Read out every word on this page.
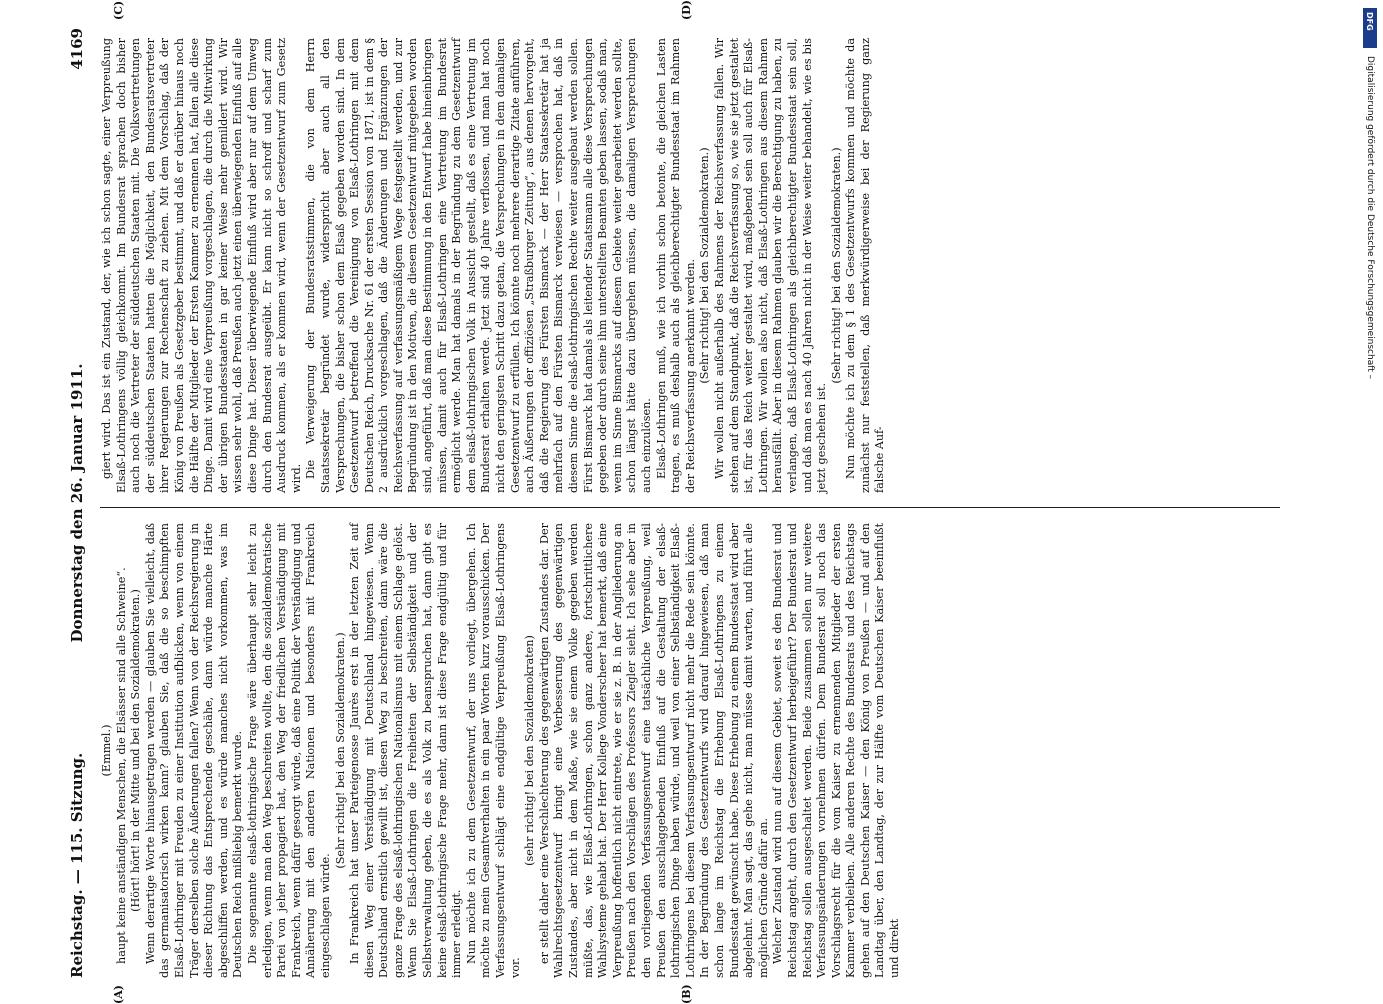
Reichstag. — 115. Sitzung.
Donnerstag den 26. Januar 1911.
4169
(A)	(B)
(C)	(D)

(Emmel.) haupt keine anständigen Menschen, die Elsässer sind alle Schweine“. (Hört! hört! in der Mitte und bei den Sozialdemokraten.) Wenn derartige Worte hinausgetragen werden — glauben Sie vielleicht, daß das germanisatorisch wirken kann? glauben Sie, daß die so beschimpften Elsaß-Lothringer mit Freuden zu einer Institution aufblicken, wenn von einem Träger derselben solche Äußerungen fallen? Wenn von der Reichsregierung in dieser Richtung das Entsprechende geschähe, dann würde manche Härte abgeschliffen werden, und es würde manches nicht vorkommen, was im Deutschen Reich mißliebig bemerkt wurde. Die sogenannte elsaß-lothringische Frage wäre überhaupt sehr leicht zu erledigen, wenn man den Weg beschreiten wollte, den die sozialdemokratische Partei von jeher propagiert hat, den Weg der friedlichen Verständigung mit Frankreich, wenn dafür gesorgt würde, daß eine Politik der Verständigung und Annäherung mit den anderen Nationen und besonders mit Frankreich eingeschlagen würde.

(Sehr richtig! bei den Sozialdemokraten.) In Frankreich hat unser Parteigenosse Jaurès erst in der letzten Zeit auf diesen Weg einer Verständigung mit Deutschland hingewiesen. Wenn Deutschland ernstlich gewillt ist, diesen Weg zu beschreiten, dann wäre die ganze Frage des elsaß-lothringischen Nationalismus mit einem Schlage gelöst. Wenn Sie Elsaß-Lothringen die Freiheiten der Selbständigkeit und der Selbstverwaltung geben, die es als Volk zu beanspruchen hat, dann gibt es keine elsaß-lothringische Frage mehr, dann ist diese Frage endgültig und für immer erledigt. Nun möchte ich zu dem Gesetzentwurf, der uns vorliegt, übergehen. Ich möchte zu mein Gesamtverhalten in ein paar Worten kurz vorausschicken. Der Verfassungsentwurf schlägt eine endgültige Verpreußung Elsaß-Lothringens vor.

(sehr richtig! bei den Sozialdemokraten) er stellt daher eine Verschlechterung des gegenwärtigen Zustandes dar. Der Wahlrechtsgesetzentwurf bringt eine Verbesserung des gegenwärtigen Zustandes, aber nicht in dem Maße, wie sie einem Volke gegeben werden müßte, das, wie Elsaß-Lothringen, schon ganz andere, fortschrittlichere Wahlsysteme gehabt hat. Der Herr Kollege Vonderscheer hat bemerkt, daß eine Verpreußung hoffentlich nicht eintrete, wie er sie z. B. in der Angliederung an Preußen nach den Vorschlägen des Professors Ziegler sieht. Ich sehe aber in den vorliegenden Verfassungsentwurf eine tatsächliche Verpreußung, weil Preußen den ausschlaggebenden Einfluß auf die Gestaltung der elsaß-lothringischen Dinge haben würde, und weil von einer Selbständigkeit Elsaß-Lothringens bei diesem Verfassungsentwurf nicht mehr die Rede sein könnte. In der Begründung des Gesetzentwurfs wird darauf hingewiesen, daß man schon lange im Reichstag die Erhebung Elsaß-Lothringens zu einem Bundesstaat gewünscht habe. Diese Erhebung zu einem Bundesstaat wird aber abgelehnt. Man sagt, das gehe nicht, man müsse damit warten, und führt alle möglichen Gründe dafür an. Welcher Zustand wird nun auf diesem Gebiet, soweit es den Bundesrat und Reichstag angeht, durch den Gesetzentwurf herbeigeführt? Der Bundesrat und Reichstag sollen ausgeschaltet werden. Beide zusammen sollen nur weitere Verfassungsänderungen vornehmen dürfen. Dem Bundesrat soll noch das Vorschlagsrecht für die vom Kaiser zu ernennenden Mitglieder der ersten Kammer verbleiben. Alle anderen Rechte des Bundesrats und des Reichstags gehen auf den Deutschen Kaiser — den König von Preußen — und auf den Landtag über, den Landtag, der zur Hälfte vom Deutschen Kaiser beeinflußt und direkt

giert wird. Das ist ein Zustand, der, wie ich schon sagte, einer Verpreußung Elsaß-Lothringens völlig gleichkommt. Im Bundesrat sprachen doch bisher auch noch die Vertreter der süddeutschen Staaten mit. Die Volksvertretungen der süddeutschen Staaten hatten die Möglichkeit, den Bundesratsvertreter ihrer Regierungen zur Rechenschaft zu ziehen. Mit dem Vorschlag, daß der König von Preußen als Gesetzgeber bestimmt, und daß er darüber hinaus noch die Hälfte der Mitglieder der Ersten Kammer zu ernennen hat, fallen alle diese Dinge. Damit wird eine Verpreußung vorgeschlagen, die durch die Mitwirkung der übrigen Bundesstaaten in gar keiner Weise mehr gemildert wird. Wir wissen sehr wohl, daß Preußen auch jetzt einen überwiegenden Einfluß auf alle diese Dinge hat. Dieser überwiegende Einfluß wird aber nur auf dem Umweg durch den Bundesrat ausgeübt. Er kann nicht so schroff und scharf zum Ausdruck kommen, als er kommen wird, wenn der Gesetzentwurf zum Gesetz wird. Die Verweigerung der Bundesratsstimmen, die von dem Herrn Staatssekretär begründet wurde, widerspricht aber auch all den Versprechungen, die bisher schon dem Elsaß gegeben worden sind. In dem Gesetzentwurf betreffend die Vereinigung von Elsaß-Lothringen mit dem Deutschen Reich, Drucksache Nr. 61 der ersten Session von 1871, ist in dem § 2 ausdrücklich vorgeschlagen, daß die Änderungen und Ergänzungen der Reichsverfassung auf verfassungsmäßigem Wege festgestellt werden, und zur Begründung ist in den Motiven, die diesem Gesetzentwurf mitgegeben worden sind, angeführt, daß man diese Bestimmung in den Entwurf habe hineinbringen müssen, damit auch für Elsaß-Lothringen eine Vertretung im Bundesrat ermöglicht werde. Man hat damals in der Begründung zu dem Gesetzentwurf dem elsaß-lothringischen Volk in Aussicht gestellt, daß es eine Vertretung im Bundesrat erhalten werde. Jetzt sind 40 Jahre verflossen, und man hat noch nicht den geringsten Schritt dazu getan, die Versprechungen in dem damaligen Gesetzentwurf zu erfüllen. Ich könnte noch mehrere derartige Zitate anführen, auch Äußerungen der offiziösen „Straßburger Zeitung“, aus denen hervorgeht, daß die Regierung des Fürsten Bismarck — der Herr Staatssekretär hat ja mehrfach auf den Fürsten Bismarck verwiesen — versprochen hat, daß in diesem Sinne die elsaß-lothringischen Rechte weiter ausgebaut werden sollen. Fürst Bismarck hat damals als leitender Staatsmann alle diese Versprechungen gegeben oder durch seine ihm unterstellten Beamten geben lassen, sodaß man, wenn im Sinne Bismarcks auf diesem Gebiete weiter gearbeitet werden sollte, schon längst hätte dazu übergehen müssen, die damaligen Versprechungen auch einzulösen. Elsaß-Lothringen muß, wie ich vorhin schon betonte, die gleichen Lasten tragen, es muß deshalb auch als gleichberechtigter Bundesstaat im Rahmen der Reichsverfassung anerkannt werden. (Sehr richtig! bei den Sozialdemokraten.) Wir wollen nicht außerhalb des Rahmens der Reichsverfassung fallen. Wir stehen auf dem Standpunkt, daß die Reichsverfassung so, wie sie jetzt gestaltet ist, für das Reich weiter gestaltet wird, maßgebend sein soll auch für Elsaß-Lothringen. Wir wollen also nicht, daß Elsaß-Lothringen aus diesem Rahmen herausfällt. Aber in diesem Rahmen glauben wir die Berechtigung zu haben, zu verlangen, daß Elsaß-Lothringen als gleichberechtigter Bundesstaat sein soll, und daß man es nach 40 Jahren nicht in der Weise weiter behandelt, wie es bis jetzt geschehen ist.

(Sehr richtig! bei den Sozialdemokraten.) Nun möchte ich zu dem § 1 des Gesetzentwurfs kommen und möchte da zunächst nur feststellen, daß merkwürdigerweise bei der Regierung ganz falsche Auf-

DFG
Digitalisierung gefördert durch die Deutsche Forschungsgemeinschaft –
